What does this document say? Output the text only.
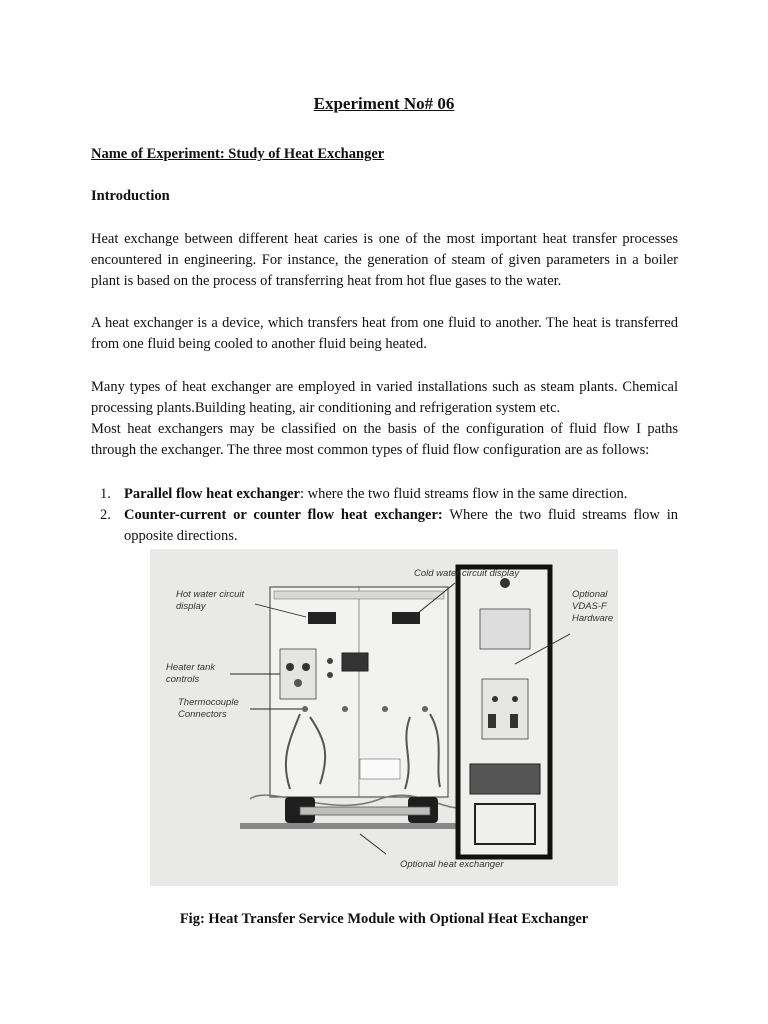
Experiment No# 06
Name of Experiment: Study of Heat Exchanger
Introduction

Heat exchange between different heat caries is one of the most important heat transfer processes encountered in engineering. For instance, the generation of steam of given parameters in a boiler plant is based on the process of transferring heat from hot flue gases to the water.

A heat exchanger is a device, which transfers heat from one fluid to another. The heat is transferred from one fluid being cooled to another fluid being heated.

Many types of heat exchanger are employed in varied installations such as steam plants. Chemical processing plants.Building heating, air conditioning and refrigeration system etc.

Most heat exchangers may be classified on the basis of the configuration of fluid flow I paths through the exchanger. The three most common types of fluid flow configuration are as follows:

1. Parallel flow heat exchanger: where the two fluid streams flow in the same direction.
2. Counter-current or counter flow heat exchanger: Where the two fluid streams flow in opposite directions.
Cold water circuit display
Hot water circuit
display
Optional
VDAS-F
Hardware
Heater tank
controls
Thermocouple
Connectors
Optional heat exchanger
Fig: Heat Transfer Service Module with Optional Heat Exchanger
